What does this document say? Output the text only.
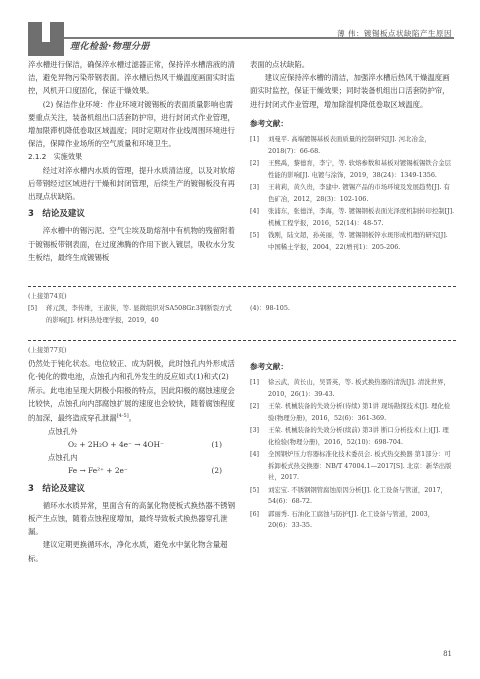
理化检验·物理分册
薄 伟：镀锡板点状缺陷产生原因

淬水槽进行保洁，确保淬水槽过滤器正常，保持淬水槽溶液的清洁，避免异物污染带钢表面。淬水槽后热风干燥温度画面实时监控，风机开口度固化，保证干燥效果。

(2) 保洁作业环境：作业环境对镀锡板的表面质量影响也需要重点关注，装备机组出口活套防护帘，进行封闭式作业管理，增加限滞机降低卷取区域温度；同时定期对作业线周围环境进行保洁，保障作业场所的空气质量和环境卫生。

2.1.2　实施效果

经过对淬水槽内水质的管理，提升水质清洁度，以及对软熔后带钢经过区域进行干燥和封闭管理，后续生产的镀锡板没有再出现点状缺陷。

3　结论及建议

淬水槽中的锡污泥、空气尘埃及助熔剂中有机物的残留附着于镀锡板带钢表面，在过度沸腾的作用下嵌入镀层，吸收水分发生板结，最终生成镀锡板

表面的点状缺陷。

建议应保持淬水槽的清洁，加强淬水槽后热风干燥温度画面实时监控，保证干燥效果；同时装备机组出口活套防护帘，进行封闭式作业管理，增加除湿机降低卷取区域温度。

参考文献：
[1]	刘曼平. 高端镀锡基板表面质量的控制研究[J]. 河北冶金，2018(7)：66-68.
[2]	王熙禹，黎德育，李宁，等. 软熔参数和基板对镀锡板锡铁合金层性能的影响[J]. 电镀与涂饰，2019，38(24)：1349-1356.
[3]	王莉莉，黄久贵，李建中. 镀锡产品的市场环境及发展趋势[J]. 有色矿冶，2012，28(3)：102-106.
[4]	张浦东，张德洋，李海，等. 镀锡钢板表面光泽度机制转印控制[J]. 机械工程学报，2016，52(14)：48-57.
[5]	钱刚，陆文超，孙英丽，等. 镀锡钢板锌水斑形成机理的研究[J]. 中国稀土学报，2004，22(增刊1)：205-206.
(上接第74页)
[5]	蒋元凯，李传维，王淑侠，等. 显微组织对SA508Gr.3钢断裂方式的影响[J]. 材料热处理学报，2019，40
(4)：98-105.
(上接第77页)

仍然处于钝化状态。电位较正、成为阴极，此时蚀孔内外形成活化-钝化的微电池，点蚀孔内和孔外发生的反应如式(1)和式(2)所示。此电池呈现大阴极小阳极的特点，因此阳极的腐蚀速度会比较快，点蚀孔向内部腐蚀扩展的速度也会较快，随着腐蚀程度的加深，最终造成穿孔泄漏[4-5]。

点蚀孔外
O₂ + 2H₂O + 4e⁻ → 4OH⁻	(1)
点蚀孔内
Fe → Fe²⁺ + 2e⁻	(2)
3　结论及建议

循环水水质异常，里面含有的高氯化物使板式换热器不锈钢板产生点蚀，随着点蚀程度增加，最终导致板式换热器穿孔泄漏。

建议定期更换循环水，净化水质，避免水中氯化物含量超标。

参考文献：
[1]	徐云武，黄长山，吴晋英，等. 板式换热器的清洗[J]. 清洗世界，2010，26(1)：39-43.
[2]	王荣. 机械装备的失效分析(待续) 第1讲 现场勘探技术[J]. 理化检验(物理分册)，2016，52(6)：361-369.
[3]	王荣. 机械装备的失效分析(续前) 第3讲 断口分析技术(上)[J]. 理化检验(物理分册)，2016，52(10)：698-704.
[4]	全国钢炉压力容器标准化技术委员会. 板式热交换器 第1部分：可拆卸板式热交换器：NB/T 47004.1—2017[S]. 北京：新华出版社，2017.
[5]	刘宏宝. 不锈钢钢管腐蚀原因分析[J]. 化工设备与管道，2017，54(6)：68-72.
[6]	郭丽秀. 石油化工腐蚀与防护[J]. 化工设备与管道，2003，20(6)：33-35.
81
